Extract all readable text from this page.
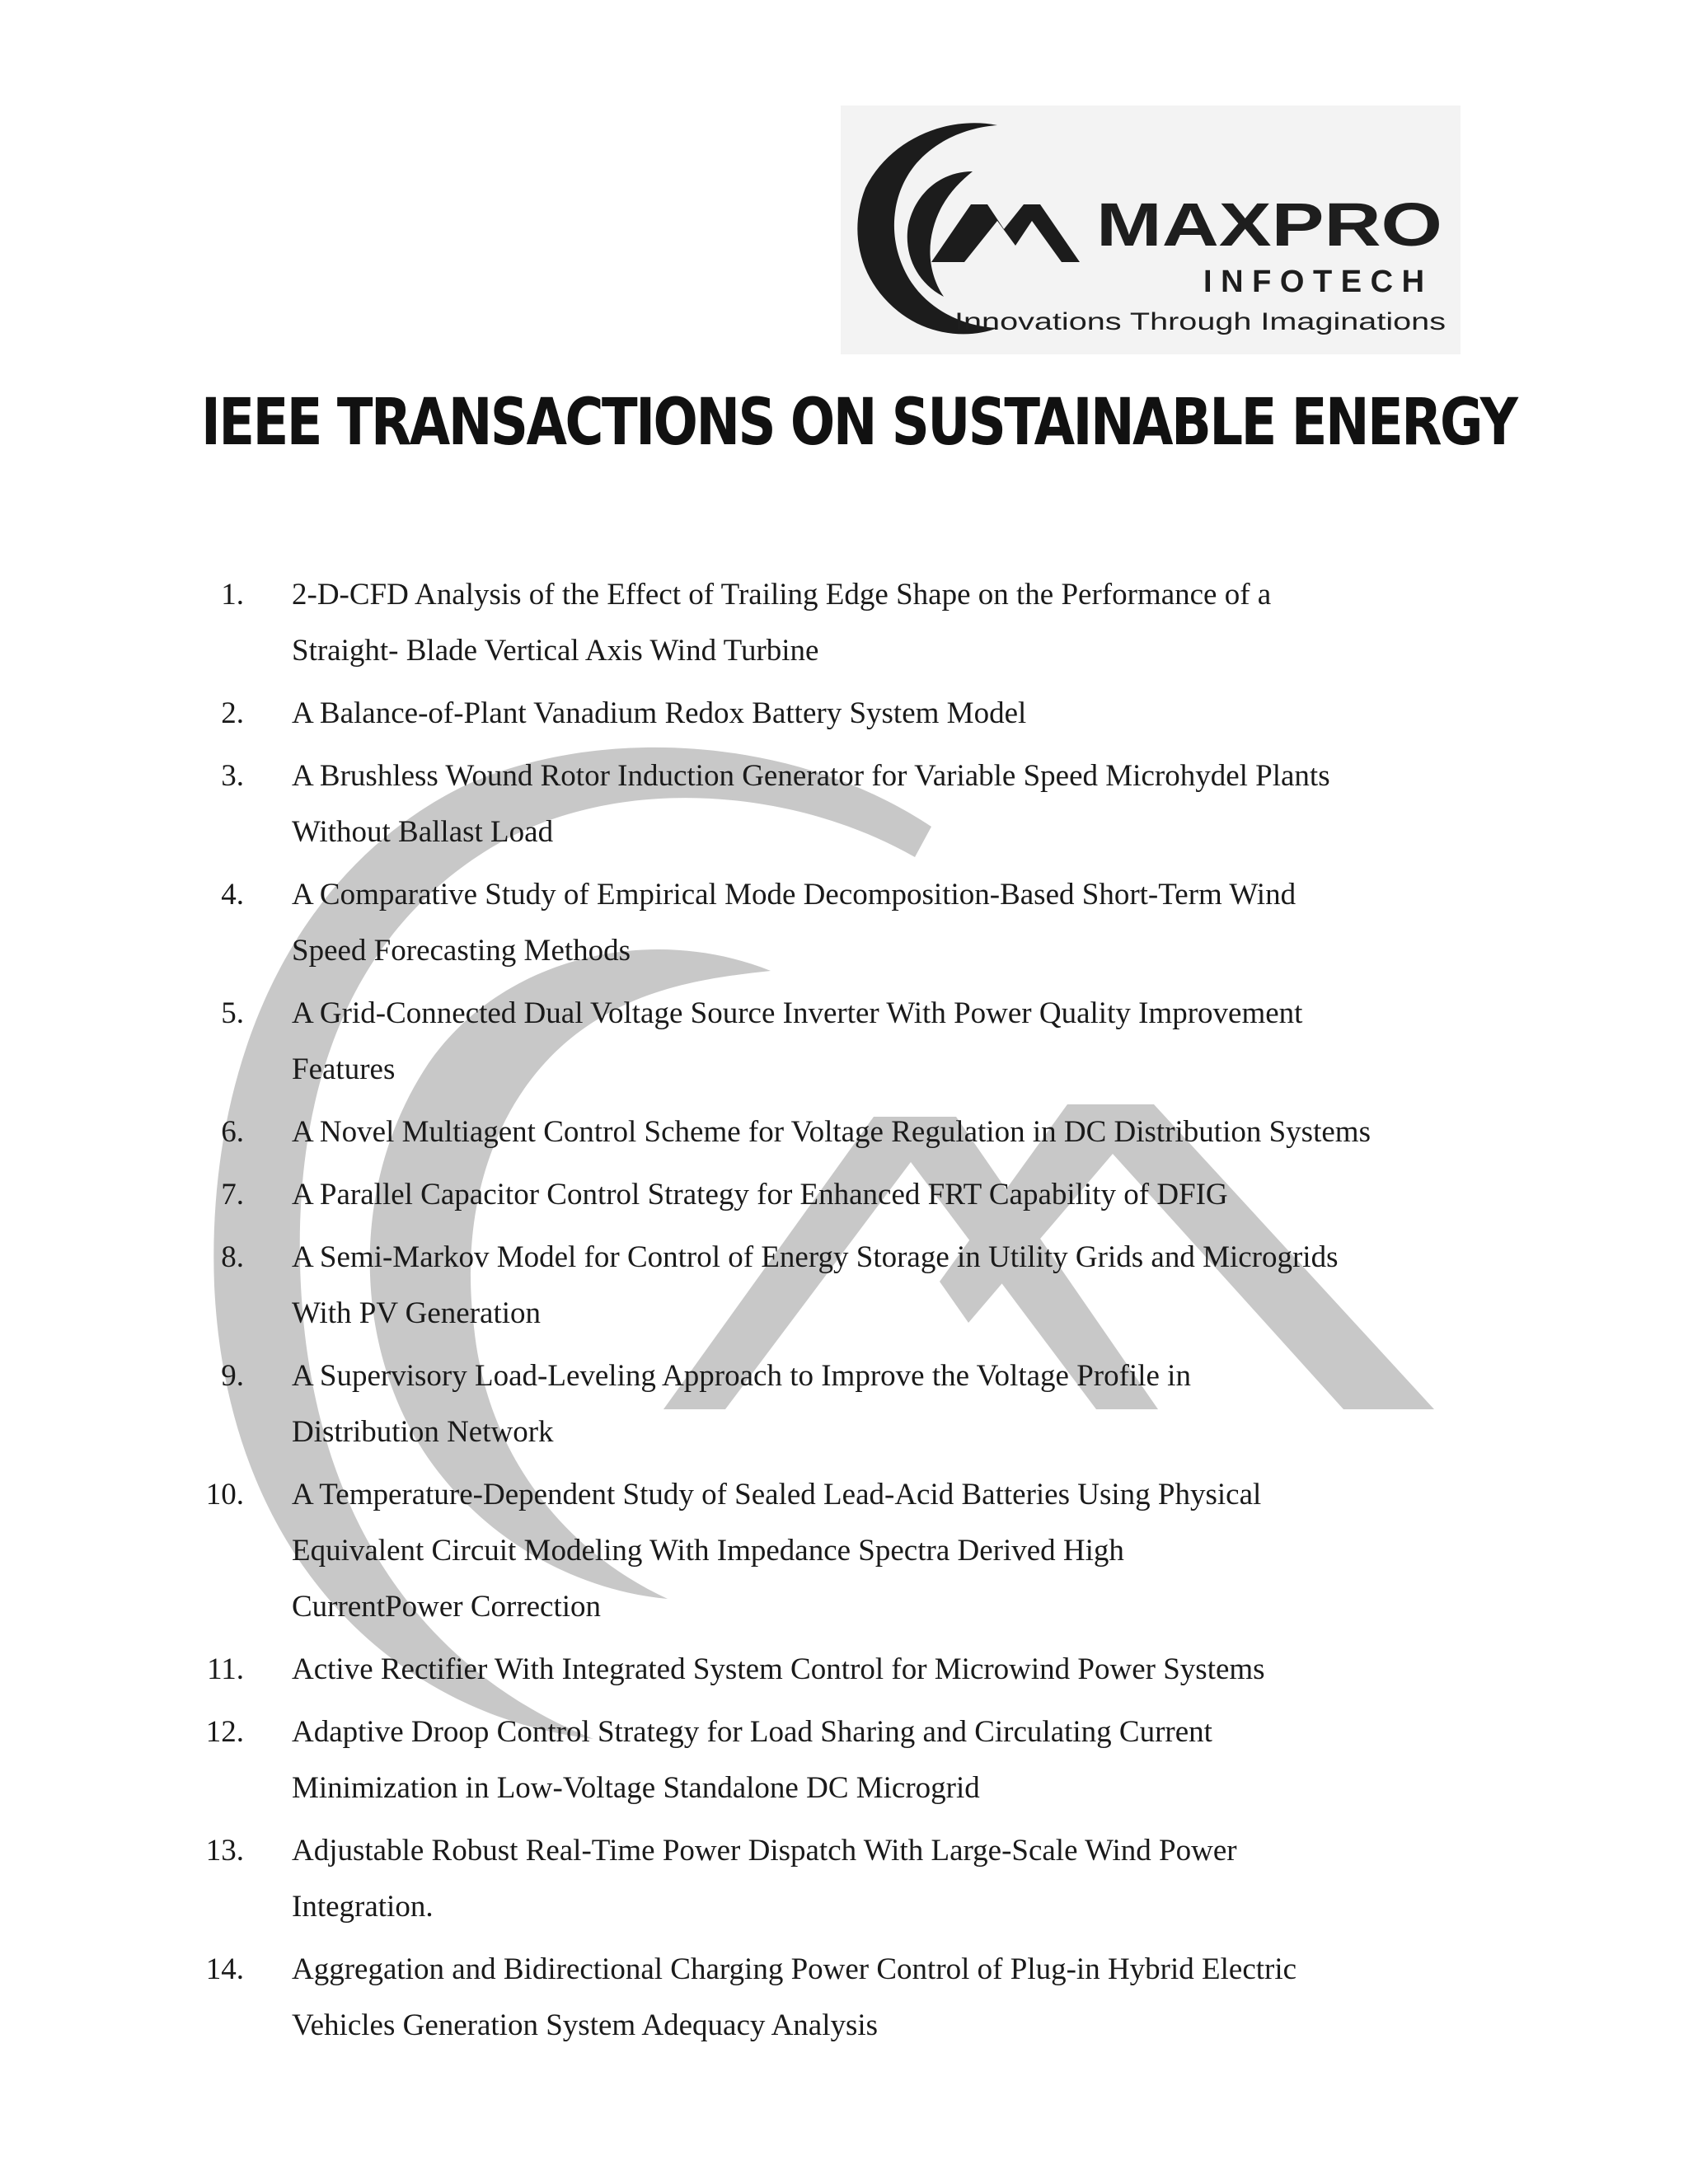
MAXPRO
I N F O T E C H
Innovations Through Imaginations
IEEE TRANSACTIONS ON SUSTAINABLE ENERGY
1. 2-D-CFD Analysis of the Effect of Trailing Edge Shape on the Performance of a
Straight- Blade Vertical Axis Wind Turbine
2. A Balance-of-Plant Vanadium Redox Battery System Model
3. A Brushless Wound Rotor Induction Generator for Variable Speed Microhydel Plants
Without Ballast Load
4. A Comparative Study of Empirical Mode Decomposition-Based Short-Term Wind
Speed Forecasting Methods
5. A Grid-Connected Dual Voltage Source Inverter With Power Quality Improvement
Features
6. A Novel Multiagent Control Scheme for Voltage Regulation in DC Distribution Systems
7. A Parallel Capacitor Control Strategy for Enhanced FRT Capability of DFIG
8. A Semi-Markov Model for Control of Energy Storage in Utility Grids and Microgrids
With PV Generation
9. A Supervisory Load-Leveling Approach to Improve the Voltage Profile in
Distribution Network
10. A Temperature-Dependent Study of Sealed Lead-Acid Batteries Using Physical
Equivalent Circuit Modeling With Impedance Spectra Derived High
CurrentPower Correction
11. Active Rectifier With Integrated System Control for Microwind Power Systems
12. Adaptive Droop Control Strategy for Load Sharing and Circulating Current
Minimization in Low-Voltage Standalone DC Microgrid
13. Adjustable Robust Real-Time Power Dispatch With Large-Scale Wind Power
Integration.
14. Aggregation and Bidirectional Charging Power Control of Plug-in Hybrid Electric
Vehicles Generation System Adequacy Analysis
